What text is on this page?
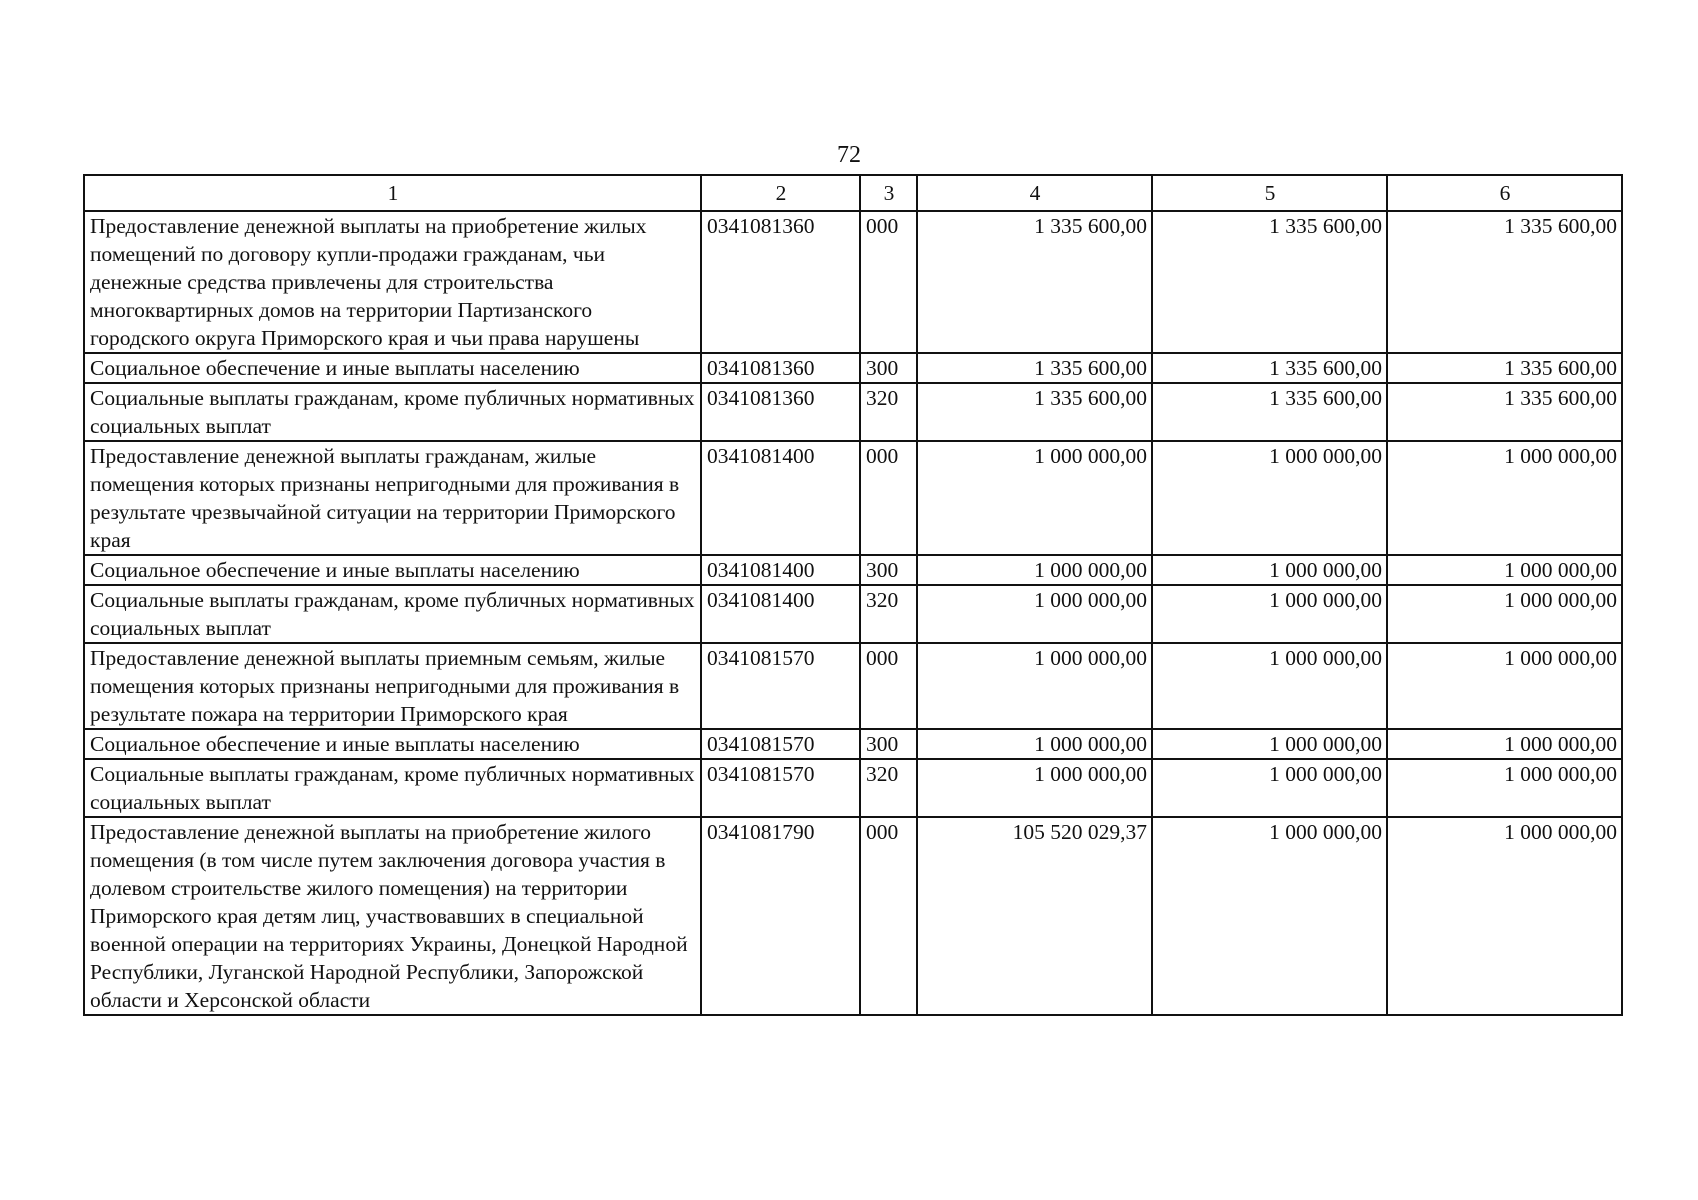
72
1	2	3	4	5	6
Предоставление денежной выплаты на приобретение жилых помещений по договору купли-продажи гражданам, чьи денежные средства привлечены для строительства многоквартирных домов на территории Партизанского городского округа Приморского края и чьи права нарушены	0341081360	000	1 335 600,00	1 335 600,00	1 335 600,00
Социальное обеспечение и иные выплаты населению	0341081360	300	1 335 600,00	1 335 600,00	1 335 600,00
Социальные выплаты гражданам, кроме публичных нормативных социальных выплат	0341081360	320	1 335 600,00	1 335 600,00	1 335 600,00
Предоставление денежной выплаты гражданам, жилые помещения которых признаны непригодными для проживания в результате чрезвычайной ситуации на территории Приморского края	0341081400	000	1 000 000,00	1 000 000,00	1 000 000,00
Социальное обеспечение и иные выплаты населению	0341081400	300	1 000 000,00	1 000 000,00	1 000 000,00
Социальные выплаты гражданам, кроме публичных нормативных социальных выплат	0341081400	320	1 000 000,00	1 000 000,00	1 000 000,00
Предоставление денежной выплаты приемным семьям, жилые помещения которых признаны непригодными для проживания в результате пожара на территории Приморского края	0341081570	000	1 000 000,00	1 000 000,00	1 000 000,00
Социальное обеспечение и иные выплаты населению	0341081570	300	1 000 000,00	1 000 000,00	1 000 000,00
Социальные выплаты гражданам, кроме публичных нормативных социальных выплат	0341081570	320	1 000 000,00	1 000 000,00	1 000 000,00
Предоставление денежной выплаты на приобретение жилого помещения (в том числе путем заключения договора участия в долевом строительстве жилого помещения) на территории Приморского края детям лиц, участвовавших в специальной военной операции на территориях Украины, Донецкой Народной Республики, Луганской Народной Республики, Запорожской области и Херсонской области	0341081790	000	105 520 029,37	1 000 000,00	1 000 000,00
